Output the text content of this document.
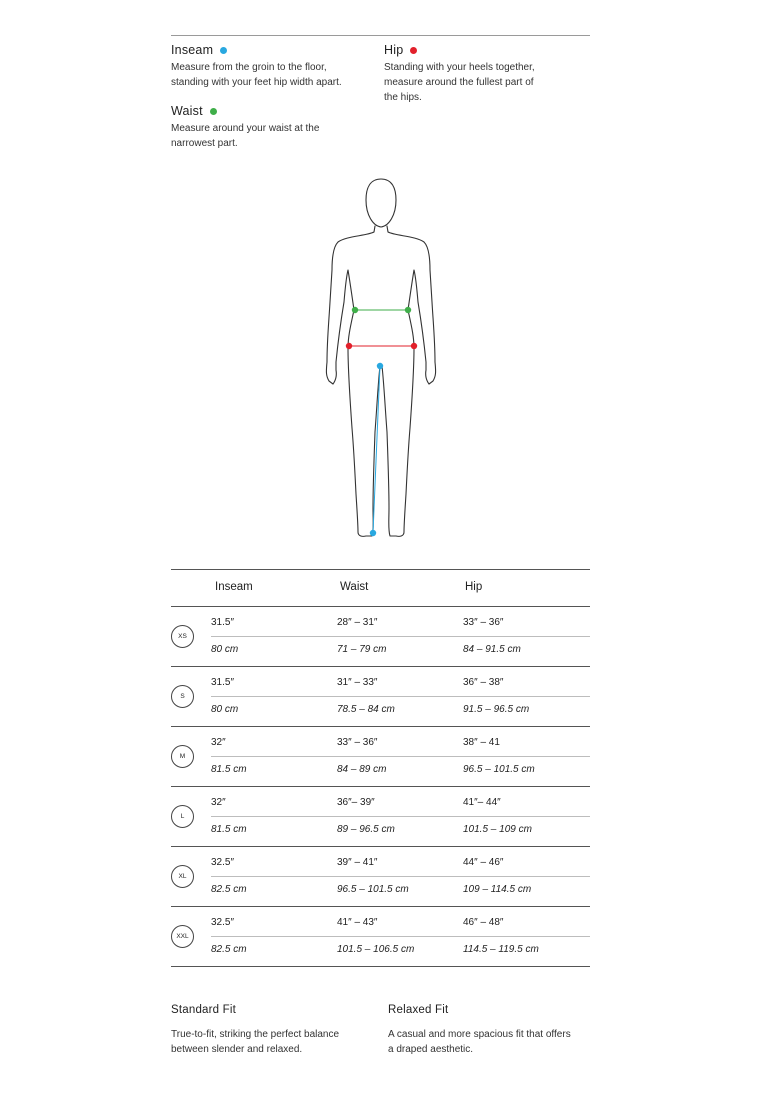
Inseam
Measure from the groin to the floor,
standing with your feet hip width apart.
Waist
Measure around your waist at the
narrowest part.
Hip
Standing with your heels together,
measure around the fullest part of
the hips.
Inseam	Waist	Hip
XS
31.5″	28″ – 31″	33″ – 36″
80 cm	71 – 79 cm	84 – 91.5 cm
S
31.5″	31″ – 33″	36″ – 38″
80 cm	78.5 – 84 cm	91.5 – 96.5 cm
M
32″	33″ – 36″	38″ – 41
81.5 cm	84 – 89 cm	96.5 – 101.5 cm
L
32″	36″– 39″	41″– 44″
81.5 cm	89 – 96.5 cm	101.5 – 109 cm
XL
32.5″	39″ – 41″	44″ – 46″
82.5 cm	96.5 – 101.5 cm	109 – 114.5 cm
XXL
32.5″	41″ – 43″	46″ – 48″
82.5 cm	101.5 – 106.5 cm	114.5 – 119.5 cm
Standard Fit
True-to-fit, striking the perfect balance
between slender and relaxed.
Relaxed Fit
A casual and more spacious fit that offers
a draped aesthetic.
